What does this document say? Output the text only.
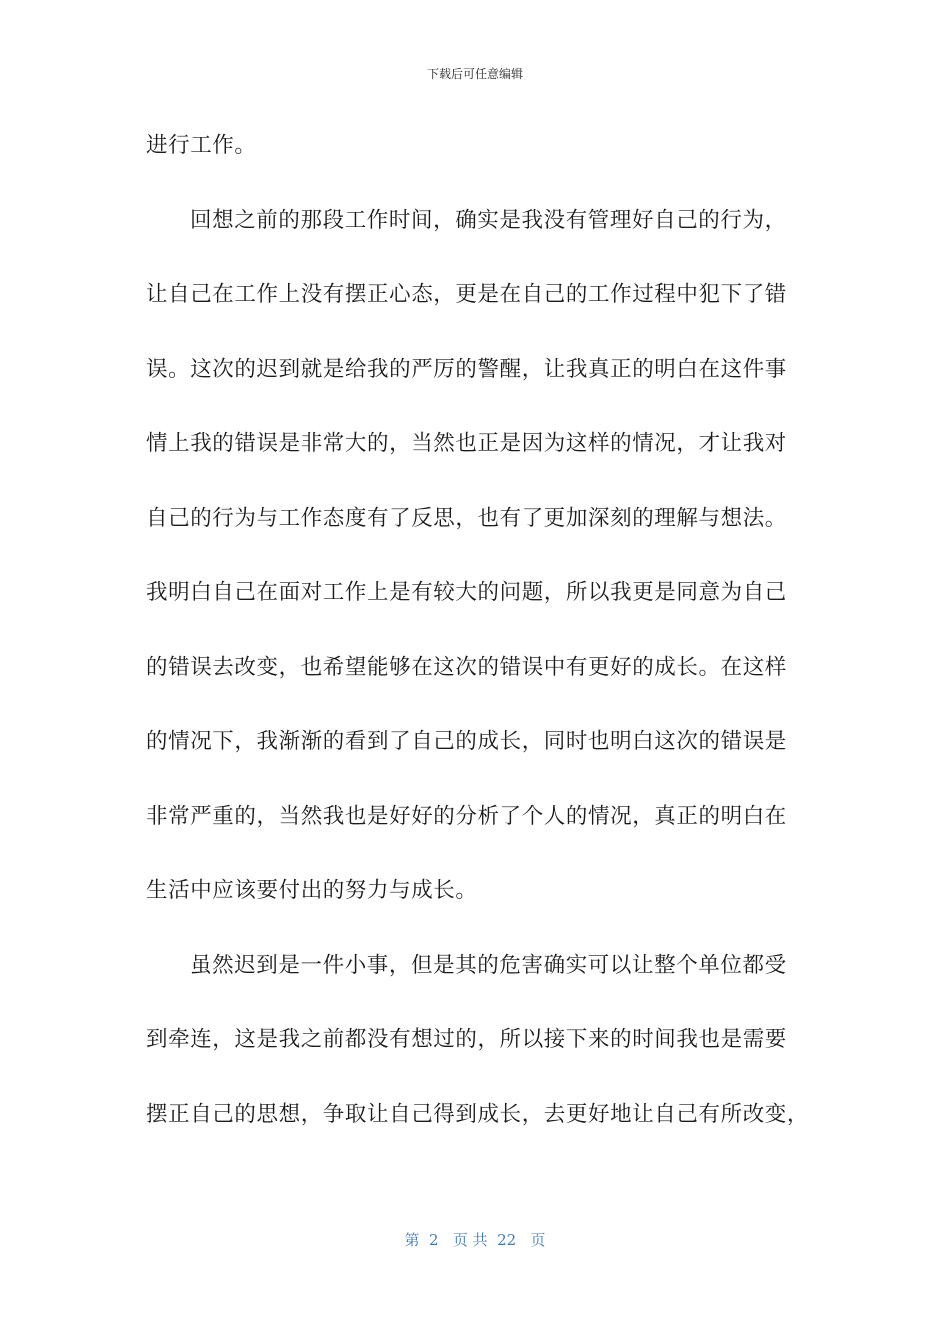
下载后可任意编辑
进行工作。
回想之前的那段工作时间，确实是我没有管理好自己的行为，
让自己在工作上没有摆正心态，更是在自己的工作过程中犯下了错
误。这次的迟到就是给我的严厉的警醒，让我真正的明白在这件事
情上我的错误是非常大的，当然也正是因为这样的情况，才让我对
自己的行为与工作态度有了反思，也有了更加深刻的理解与想法。
我明白自己在面对工作上是有较大的问题，所以我更是同意为自己
的错误去改变，也希望能够在这次的错误中有更好的成长。在这样
的情况下，我渐渐的看到了自己的成长，同时也明白这次的错误是
非常严重的，当然我也是好好的分析了个人的情况，真正的明白在
生活中应该要付出的努力与成长。
虽然迟到是一件小事，但是其的危害确实可以让整个单位都受
到牵连，这是我之前都没有想过的，所以接下来的时间我也是需要
摆正自己的思想，争取让自己得到成长，去更好地让自己有所改变，
第  2   页 共  22   页
